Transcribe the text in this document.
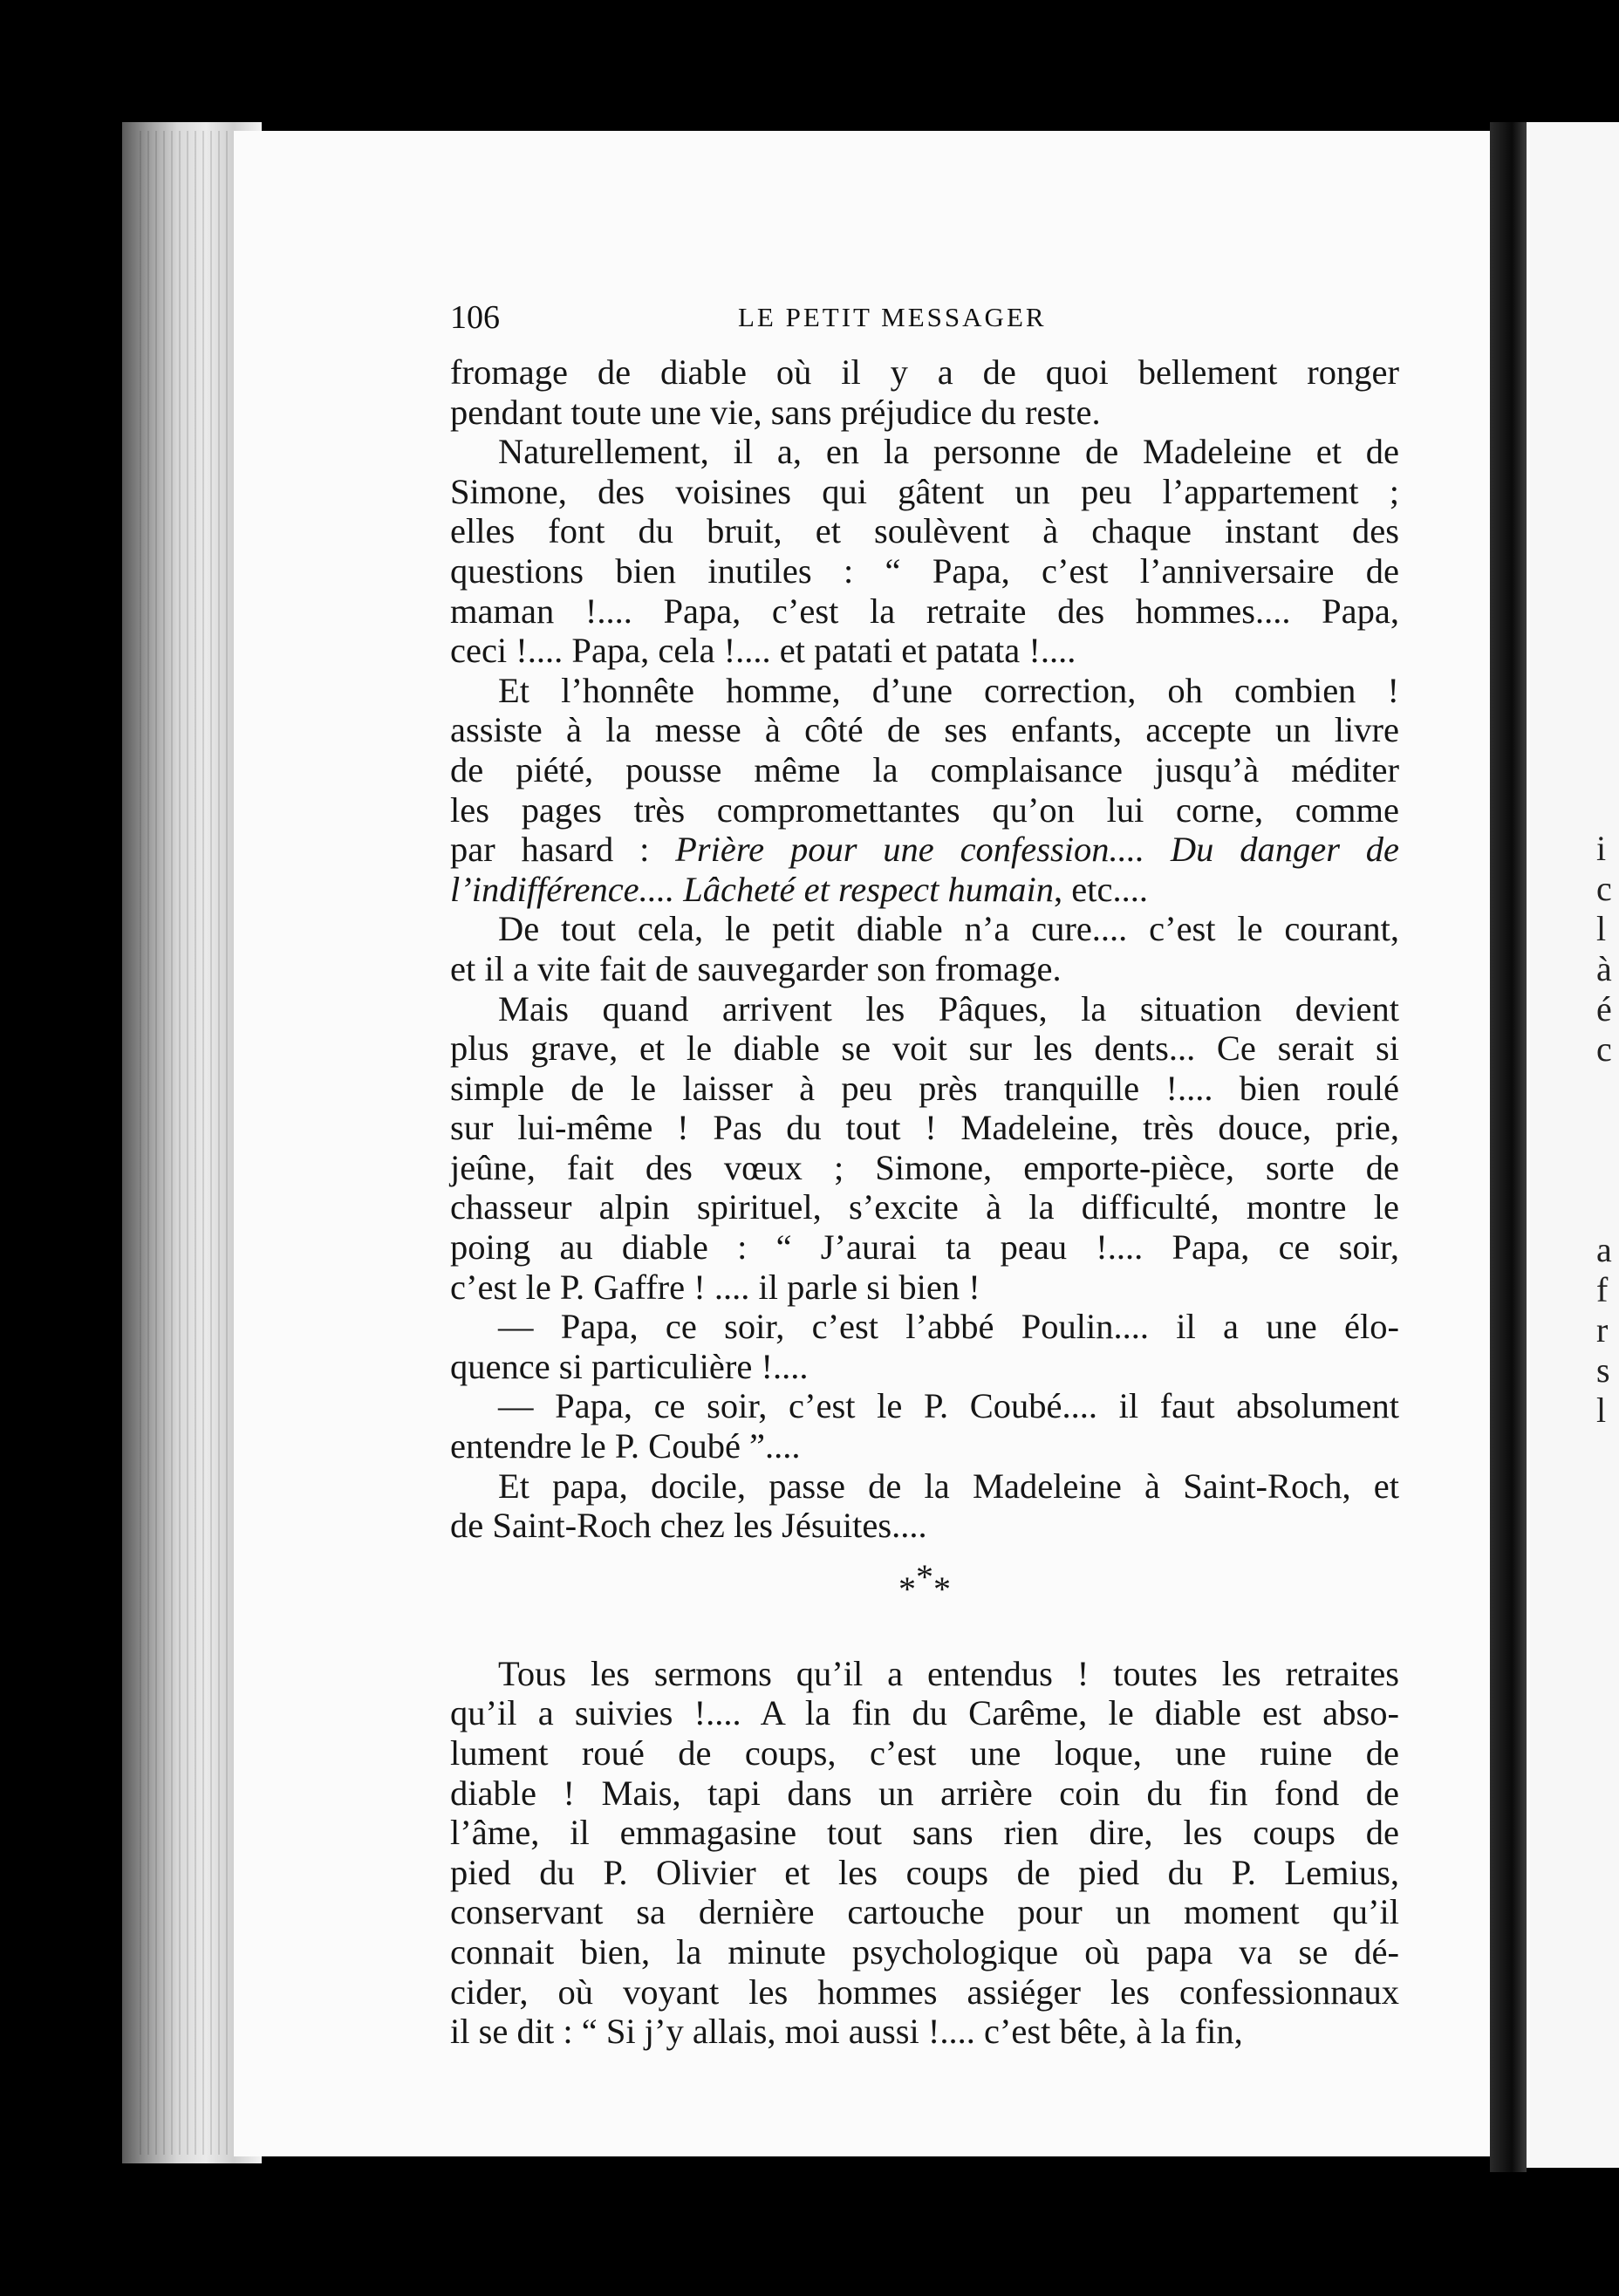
i
c
l
à
é
c
a
f
r
s
l
106	LE PETIT MESSAGER

fromage de diable où il y a de quoi bellement ronger
pendant toute une vie, sans préjudice du reste.

Naturellement, il a, en la personne de Madeleine et de
Simone, des voisines qui gâtent un peu l’appartement ;
elles font du bruit, et soulèvent à chaque instant des
questions bien inutiles : “ Papa, c’est l’anniversaire de
maman !.... Papa, c’est la retraite des hommes.... Papa,
ceci !.... Papa, cela !.... et patati et patata !....

Et l’honnête homme, d’une correction, oh combien !
assiste à la messe à côté de ses enfants, accepte un livre
de piété, pousse même la complaisance jusqu’à méditer
les pages très compromettantes qu’on lui corne, comme
par hasard : Prière pour une confession.... Du danger de
l’indifférence.... Lâcheté et respect humain, etc....

De tout cela, le petit diable n’a cure.... c’est le courant,
et il a vite fait de sauvegarder son fromage.

Mais quand arrivent les Pâques, la situation devient
plus grave, et le diable se voit sur les dents... Ce serait si
simple de le laisser à peu près tranquille !.... bien roulé
sur lui-même ! Pas du tout ! Madeleine, très douce, prie,
jeûne, fait des vœux ; Simone, emporte-pièce, sorte de
chasseur alpin spirituel, s’excite à la difficulté, montre le
poing au diable : “ J’aurai ta peau !.... Papa, ce soir,
c’est le P. Gaffre ! .... il parle si bien !

— Papa, ce soir, c’est l’abbé Poulin.... il a une élo-
quence si particulière !....

— Papa, ce soir, c’est le P. Coubé.... il faut absolument
entendre le P. Coubé ”....

Et papa, docile, passe de la Madeleine à Saint-Roch, et
de Saint-Roch chez les Jésuites....

***

Tous les sermons qu’il a entendus ! toutes les retraites
qu’il a suivies !.... A la fin du Carême, le diable est abso-
lument roué de coups, c’est une loque, une ruine de
diable ! Mais, tapi dans un arrière coin du fin fond de
l’âme, il emmagasine tout sans rien dire, les coups de
pied du P. Olivier et les coups de pied du P. Lemius,
conservant sa dernière cartouche pour un moment qu’il
connait bien, la minute psychologique où papa va se dé-
cider, où voyant les hommes assiéger les confessionnaux
il se dit : “ Si j’y allais, moi aussi !.... c’est bête, à la fin,
